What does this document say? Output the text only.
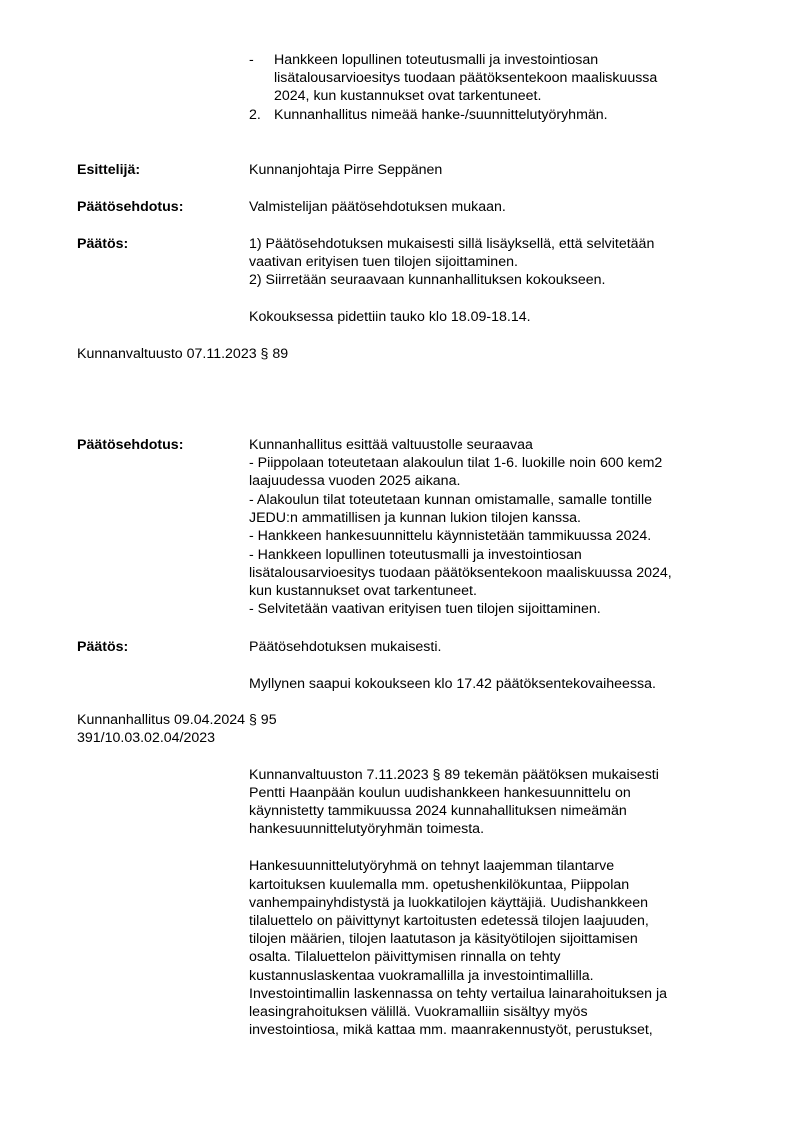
- Hankkeen lopullinen toteutusmalli ja investointiosan
lisätalousarvioesitys tuodaan päätöksentekoon maaliskuussa
2024, kun kustannukset ovat tarkentuneet.
2. Kunnanhallitus nimeää hanke-/suunnittelutyöryhmän.
Esittelijä:	Kunnanjohtaja Pirre Seppänen
Päätösehdotus:	Valmistelijan päätösehdotuksen mukaan.
Päätös:	1) Päätösehdotuksen mukaisesti sillä lisäyksellä, että selvitetään
vaativan erityisen tuen tilojen sijoittaminen.
2) Siirretään seuraavaan kunnanhallituksen kokoukseen.
Kokouksessa pidettiin tauko klo 18.09-18.14.
Kunnanvaltuusto 07.11.2023 § 89
Päätösehdotus:	Kunnanhallitus esittää valtuustolle seuraavaa
- Piippolaan toteutetaan alakoulun tilat 1-6. luokille noin 600 kem2
laajuudessa vuoden 2025 aikana.
- Alakoulun tilat toteutetaan kunnan omistamalle, samalle tontille
JEDU:n ammatillisen ja kunnan lukion tilojen kanssa.
- Hankkeen hankesuunnittelu käynnistetään tammikuussa 2024.
- Hankkeen lopullinen toteutusmalli ja investointiosan
lisätalousarvioesitys tuodaan päätöksentekoon maaliskuussa 2024,
kun kustannukset ovat tarkentuneet.
- Selvitetään vaativan erityisen tuen tilojen sijoittaminen.
Päätös:	Päätösehdotuksen mukaisesti.
Myllynen saapui kokoukseen klo 17.42 päätöksentekovaiheessa.
Kunnanhallitus 09.04.2024 § 95
391/10.03.02.04/2023
Kunnanvaltuuston 7.11.2023 § 89 tekemän päätöksen mukaisesti
Pentti Haanpään koulun uudishankkeen hankesuunnittelu on
käynnistetty tammikuussa 2024 kunnahallituksen nimeämän
hankesuunnittelutyöryhmän toimesta.
Hankesuunnittelutyöryhmä on tehnyt laajemman tilantarve
kartoituksen kuulemalla mm. opetushenkilökuntaa, Piippolan
vanhempainyhdistystä ja luokkatilojen käyttäjiä. Uudishankkeen
tilaluettelo on päivittynyt kartoitusten edetessä tilojen laajuuden,
tilojen määrien, tilojen laatutason ja käsityötilojen sijoittamisen
osalta. Tilaluettelon päivittymisen rinnalla on tehty
kustannuslaskentaa vuokramallilla ja investointimallilla.
Investointimallin laskennassa on tehty vertailua lainarahoituksen ja
leasingrahoituksen välillä. Vuokramalliin sisältyy myös
investointiosa, mikä kattaa mm. maanrakennustyöt, perustukset,
